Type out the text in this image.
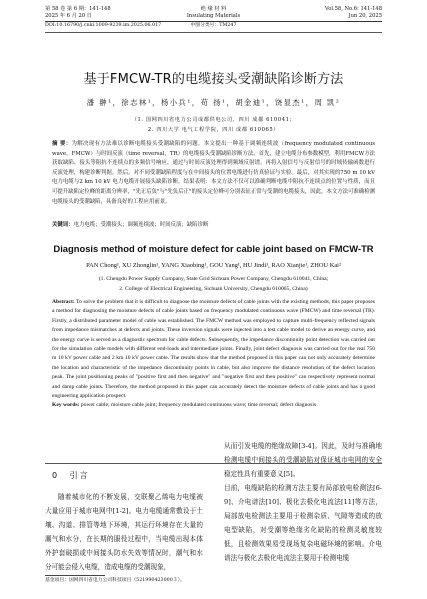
第 58 卷 第 6 期：141-148
2025 年 6 月 20 日
绝 缘 材 料
Insulating Materials
Vol.58, No.6: 141-148
Jun 20, 2025
DOI:10.16790/j.cnki.1009-9239.im.2025.06.017	中图分类号：TM247
基于FMCW-TR的电缆接头受潮缺陷诊断方法
潘 翀¹，徐志林¹，杨小兵¹，苟 扬¹，胡金迪¹，饶显杰¹，周 凯²
（1. 国网四川省电力公司成都供电公司，四川 成都 610041；
2. 四川大学 电气工程学院，四川 成都 610065）
摘 要：为解决现有方法难以诊断电缆接头受潮缺陷的问题，本文提出一种基于调频连续波（frequency modulated continuous wave，FMCW）与时间反演（time reversal，TR）的电缆接头受潮缺陷诊断方法。首先，建立电缆分布参数模型，利用FMCW方法获取缺陷、接头等阻抗不连续点的多频信号响应，通过与时间反演处理得到频域反射谱，再将入射信号与反射信号的时域传输函数进行反演处理，构建诊断判据。然后，对不同受潮缺陷程度与在中间接头的位置电缆进行仿真验证与实验。最后，对其实现的750 m 10 kV 电力电缆与2 km 10 kV 电力电缆开展接头缺陷诊断。结果表明：本文方法不仅可以准确判断电缆中阻抗不连续点的位置与性质，而且可提升缺陷定位峰的距离分辨率，"先正后负"与"先负后正"的接头定位峰可分别表征正常与受潮的电缆接头，因此，本文方法可准确检测电缆接头的受潮缺陷，具备良好的工程应用前景。
关键词：电力电缆；受潮接头；调频连续波；时间反演；缺陷诊断
Diagnosis method of moisture defect for cable joint based on FMCW-TR
PAN Chong¹, XU Zhonglin¹, YANG Xiaobing¹, GOU Yang¹, HU Jindi¹, RAO Xianjie¹, ZHOU Kai²
(1. Chengdu Power Supply Company, State Grid Sichuan Power Company, Chengdu 610041, China;
2. College of Electrical Engineering, Sichuan University, Chengdu 610065, China)
Abstract: To solve the problem that it is difficult to diagnose the moisture defects of cable joints with the existing methods, this paper proposes a method for diagnosing the moisture defects of cable joints based on frequency modulated continuous wave (FMCW) and time reversal (TR). Firstly, a distributed parameter model of cable was established. The FMCW method was employed to capture multi-frequency reflected signals from impedance mismatches at defects and joints. These inversion signals were injected into a test cable model to derive an energy curve, and the energy curve is served as a diagnostic spectrum for cable defects. Subsequently, the impedance discontinuity point detection was carried out for the simulation cable models with different end-loads and intermediate joints. Finally, joint defect diagnosis was carried out for the real 750 m 10 kV power cable and 2 km 10 kV power cable. The results show that the method proposed in this paper can not only accurately determine the location and characteristic of the impedance discontinuity points in cable, but also improve the distance resolution of the defect location peak. The joint positioning peaks of "positive first and then negative" and "negative first and then positive" can respectively represent normal and damp cable joints. Therefore, the method proposed in this paper can accurately detect the moisture defects of cable joints and has a good engineering application prospect.
Key words: power cable; moisture cable joint; frequency modulated continuous wave; time reversal; defect diagnosis
0 引言
随着城市化的不断发展，交联聚乙烯电力电缆被大量应用于城市电网中[1-2]。电力电缆通常敷设于土壤、沟道、排管等地下环境，其运行环境存在大量的潮气和水分，在长期的服役过程中，当电缆出现本体外护套破损或中间接头防水失效等情况时，潮气和水分可能会侵入电缆，造成电缆的受潮现象，
从而引发电缆的绝缘故障[3-4]。因此，及时与准确地检测电缆中间接头的受潮缺陷对保证城市电网的安全稳定性具有重要意义[5]。
目前，电缆缺陷的检测方法主要有局部放电检测法[6-9]、介电谱法[10]、极化去极化电流法[11]等方法，局部放电检测法主要用于检测杂质、气隙等造成的放电型缺陷，对受潮等绝缘劣化缺陷的检测灵敏度较低，且检测效果易受现场复杂电磁环境的影响。介电谱法与极化去极化电流法主要用于检测电缆
基金项目：国网四川省电力公司科技项目（521990423000３）。
